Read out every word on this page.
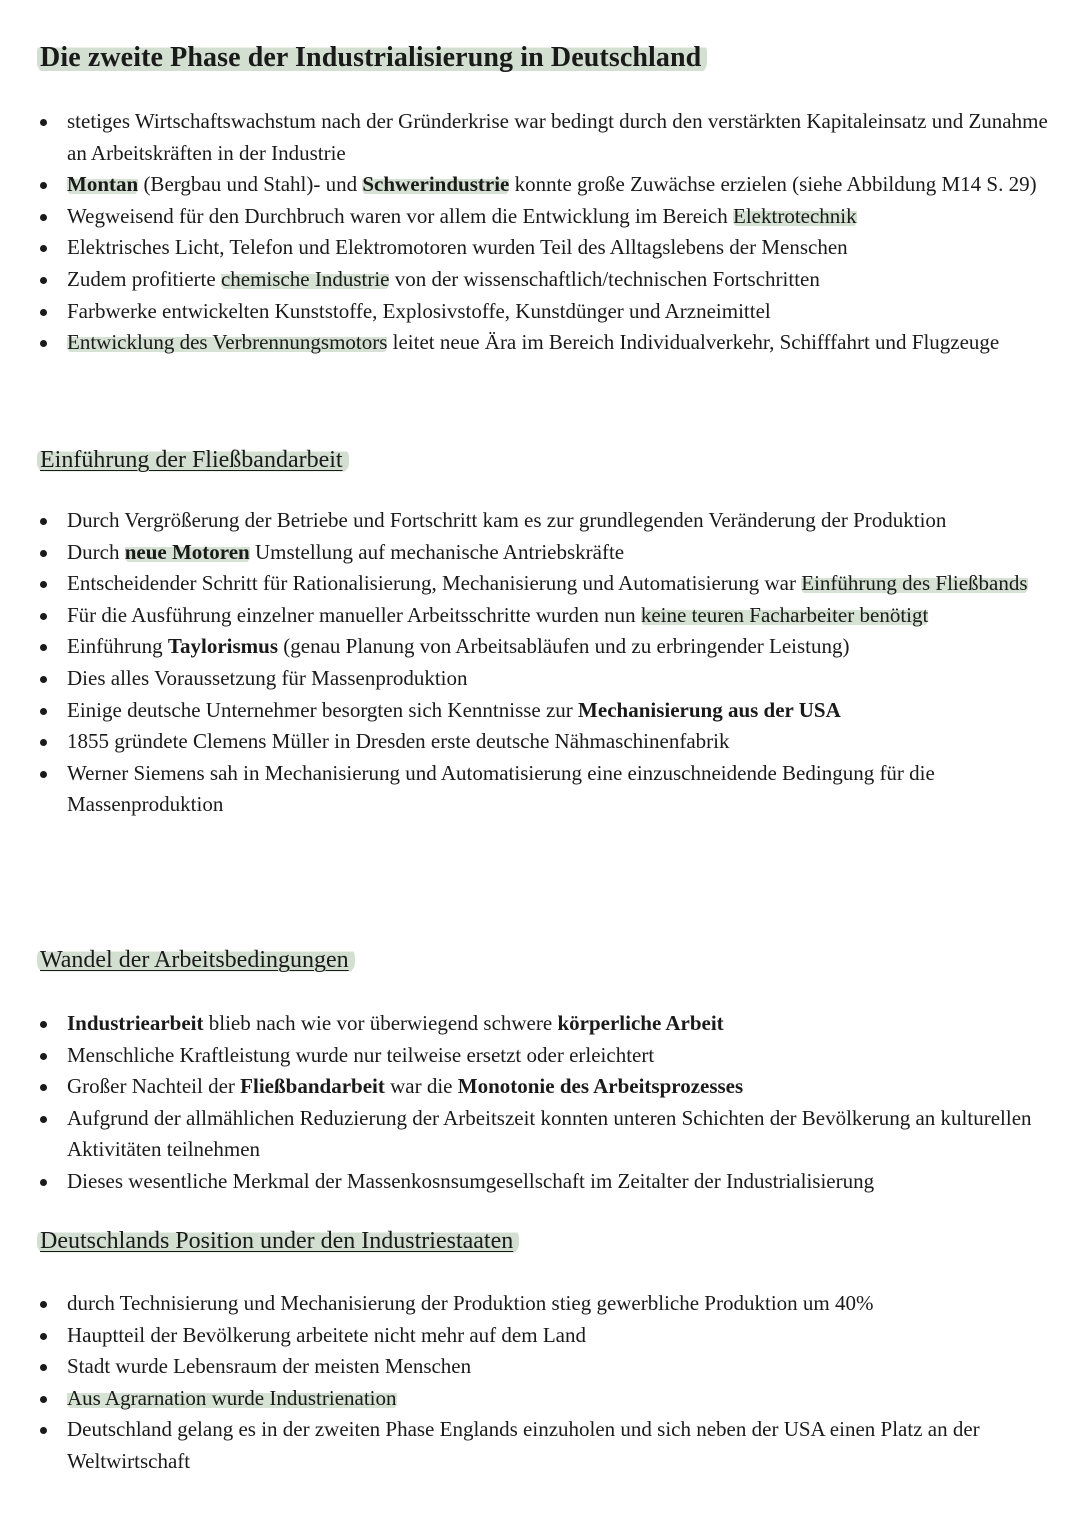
Die zweite Phase der Industrialisierung in Deutschland
stetiges Wirtschaftswachstum nach der Gründerkrise war bedingt durch den verstärkten Kapitaleinsatz und Zunahme an Arbeitskräften in der Industrie
Montan (Bergbau und Stahl)- und Schwerindustrie konnte große Zuwächse erzielen (siehe Abbildung M14 S. 29)
Wegweisend für den Durchbruch waren vor allem die Entwicklung im Bereich Elektrotechnik
Elektrisches Licht, Telefon und Elektromotoren wurden Teil des Alltagslebens der Menschen
Zudem profitierte chemische Industrie von der wissenschaftlich/technischen Fortschritten
Farbwerke entwickelten Kunststoffe, Explosivstoffe, Kunstdünger und Arzneimittel
Entwicklung des Verbrennungsmotors leitet neue Ära im Bereich Individualverkehr, Schifffahrt und Flugzeuge
Einführung der Fließbandarbeit
Durch Vergrößerung der Betriebe und Fortschritt kam es zur grundlegenden Veränderung der Produktion
Durch neue Motoren Umstellung auf mechanische Antriebskräfte
Entscheidender Schritt für Rationalisierung, Mechanisierung und Automatisierung war Einführung des Fließbands
Für die Ausführung einzelner manueller Arbeitsschritte wurden nun keine teuren Facharbeiter benötigt
Einführung Taylorismus (genau Planung von Arbeitsabläufen und zu erbringender Leistung)
Dies alles Voraussetzung für Massenproduktion
Einige deutsche Unternehmer besorgten sich Kenntnisse zur Mechanisierung aus der USA
1855 gründete Clemens Müller in Dresden erste deutsche Nähmaschinenfabrik
Werner Siemens sah in Mechanisierung und Automatisierung eine einzuschneidende Bedingung für die Massenproduktion
Wandel der Arbeitsbedingungen
Industriearbeit blieb nach wie vor überwiegend schwere körperliche Arbeit
Menschliche Kraftleistung wurde nur teilweise ersetzt oder erleichtert
Großer Nachteil der Fließbandarbeit war die Monotonie des Arbeitsprozesses
Aufgrund der allmählichen Reduzierung der Arbeitszeit konnten unteren Schichten der Bevölkerung an kulturellen Aktivitäten teilnehmen
Dieses wesentliche Merkmal der Massenkosnsumgesellschaft im Zeitalter der Industrialisierung
Deutschlands Position under den Industriestaaten
durch Technisierung und Mechanisierung der Produktion stieg gewerbliche Produktion um 40%
Hauptteil der Bevölkerung arbeitete nicht mehr auf dem Land
Stadt wurde Lebensraum der meisten Menschen
Aus Agrarnation wurde Industrienation
Deutschland gelang es in der zweiten Phase Englands einzuholen und sich neben der USA einen Platz an der Weltwirtschaft
